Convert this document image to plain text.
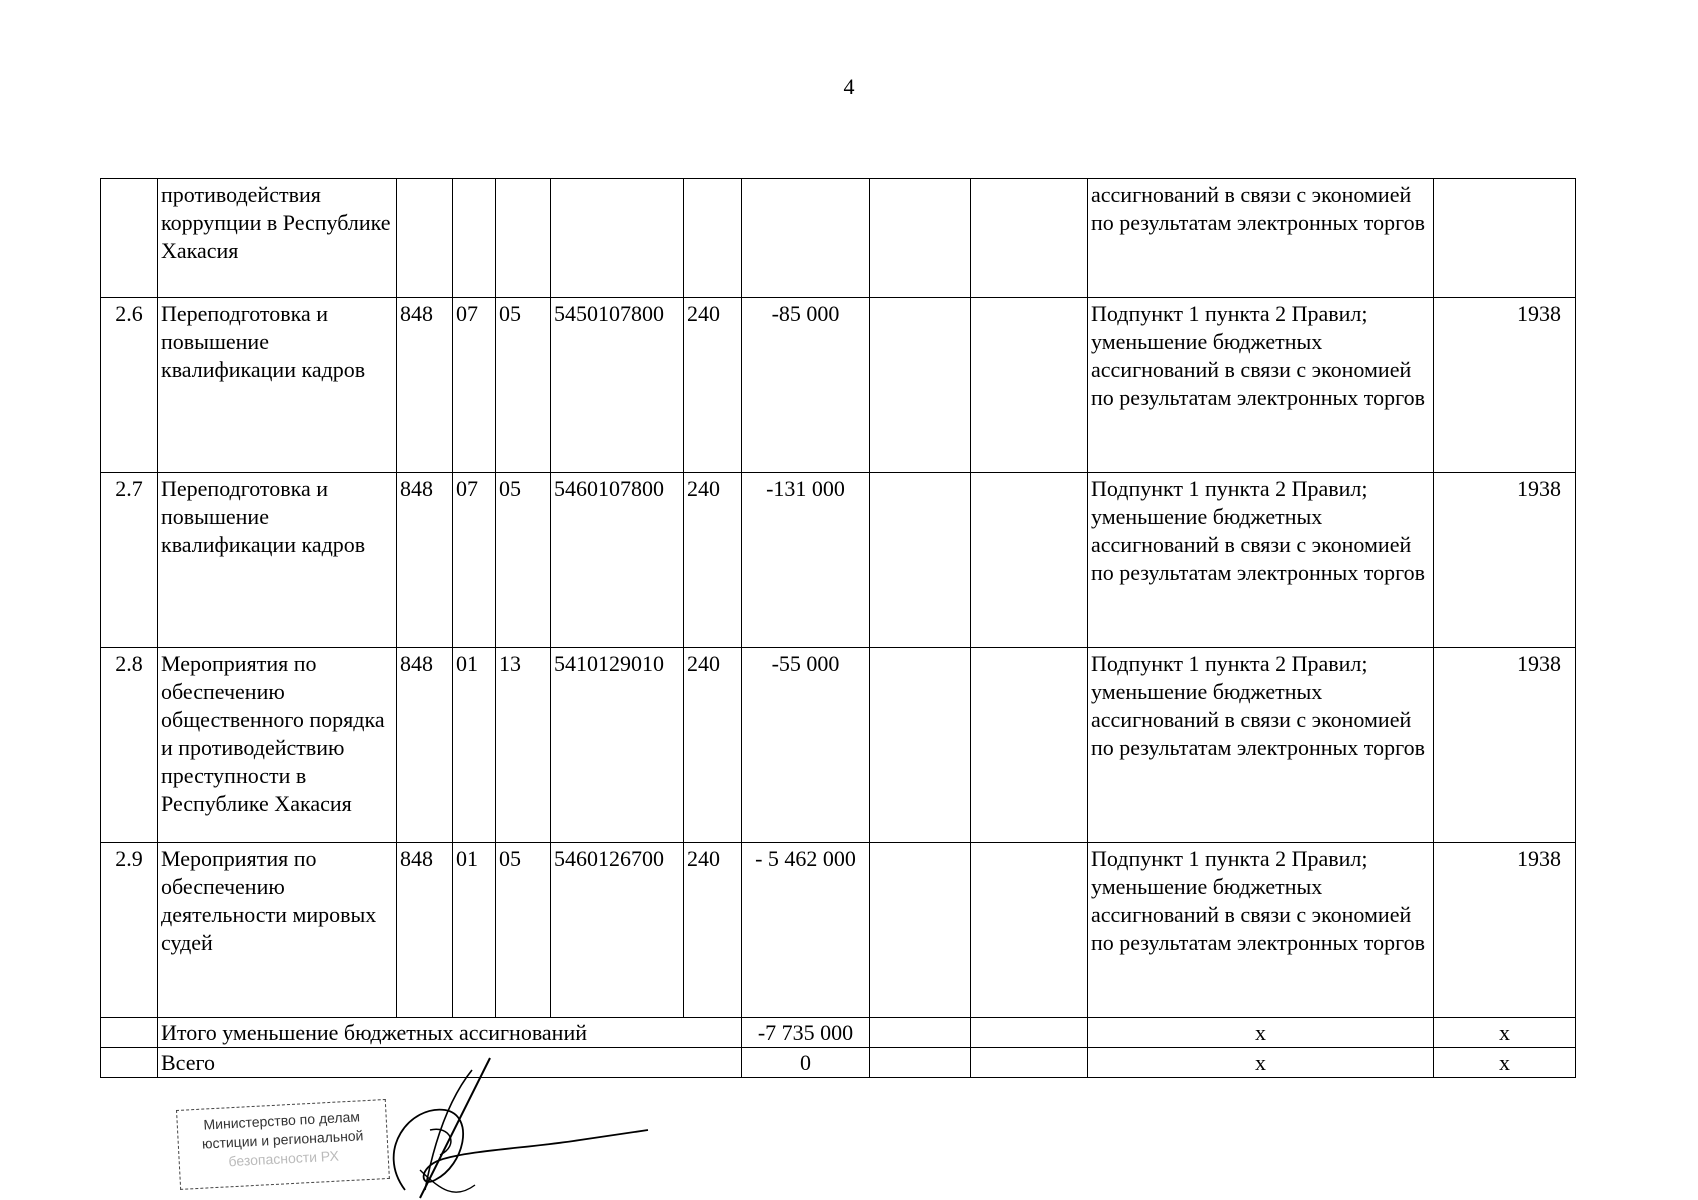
4
	противодействия коррупции в Республике Хакасия									ассигнований в связи с экономией по результатам электронных торгов	
2.6	Переподготовка и повышение квалификации кадров	848	07	05	5450107800	240	-85 000			Подпункт 1 пункта 2 Правил; уменьшение бюджетных ассигнований в связи с экономией по результатам электронных торгов	1938
2.7	Переподготовка и повышение квалификации кадров	848	07	05	5460107800	240	-131 000			Подпункт 1 пункта 2 Правил; уменьшение бюджетных ассигнований в связи с экономией по результатам электронных торгов	1938
2.8	Мероприятия по обеспечению общественного порядка и противодействию преступности в Республике Хакасия	848	01	13	5410129010	240	-55 000			Подпункт 1 пункта 2 Правил; уменьшение бюджетных ассигнований в связи с экономией по результатам электронных торгов	1938
2.9	Мероприятия по обеспечению деятельности мировых судей	848	01	05	5460126700	240	- 5 462 000			Подпункт 1 пункта 2 Правил; уменьшение бюджетных ассигнований в связи с экономией по результатам электронных торгов	1938
	Итого уменьшение бюджетных ассигнований						-7 735 000			x	x
	Всего						0			x	x
Министерство по делам
юстиции и региональной
безопасности РХ
